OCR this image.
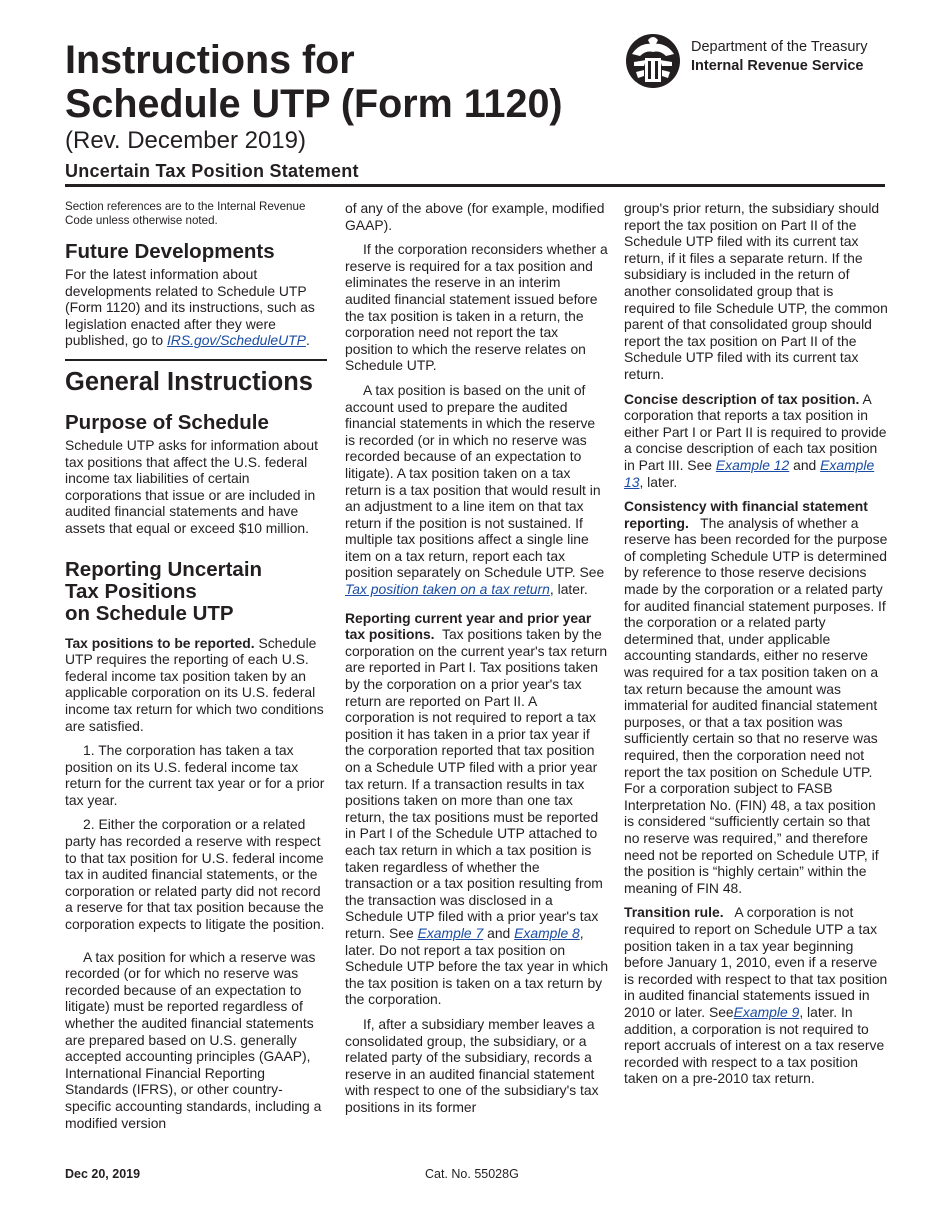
Instructions for
Schedule UTP (Form 1120)
(Rev. December 2019)
Uncertain Tax Position Statement
Department of the Treasury
Internal Revenue Service

Section references are to the Internal Revenue Code unless otherwise noted.

Future Developments

For the latest information about developments related to Schedule UTP (Form 1120) and its instructions, such as legislation enacted after they were published, go to IRS.gov/ScheduleUTP.

General Instructions
Purpose of Schedule

Schedule UTP asks for information about tax positions that affect the U.S. federal income tax liabilities of certain corporations that issue or are included in audited financial statements and have assets that equal or exceed $10 million.

Reporting Uncertain
Tax Positions
on Schedule UTP

Tax positions to be reported. Schedule UTP requires the reporting of each U.S. federal income tax position taken by an applicable corporation on its U.S. federal income tax return for which two conditions are satisfied.

1. The corporation has taken a tax position on its U.S. federal income tax return for the current tax year or for a prior tax year.

2. Either the corporation or a related party has recorded a reserve with respect to that tax position for U.S. federal income tax in audited financial statements, or the corporation or related party did not record a reserve for that tax position because the corporation expects to litigate the position.

A tax position for which a reserve was recorded (or for which no reserve was recorded because of an expectation to litigate) must be reported regardless of whether the audited financial statements are prepared based on U.S. generally accepted accounting principles (GAAP), International Financial Reporting Standards (IFRS), or other country-specific accounting standards, including a modified version

of any of the above (for example, modified GAAP).

If the corporation reconsiders whether a reserve is required for a tax position and eliminates the reserve in an interim audited financial statement issued before the tax position is taken in a return, the corporation need not report the tax position to which the reserve relates on Schedule UTP.

A tax position is based on the unit of account used to prepare the audited financial statements in which the reserve is recorded (or in which no reserve was recorded because of an expectation to litigate). A tax position taken on a tax return is a tax position that would result in an adjustment to a line item on that tax return if the position is not sustained. If multiple tax positions affect a single line item on a tax return, report each tax position separately on Schedule UTP. See Tax position taken on a tax return, later.

Reporting current year and prior year tax positions. Tax positions taken by the corporation on the current year's tax return are reported in Part I. Tax positions taken by the corporation on a prior year's tax return are reported on Part II. A corporation is not required to report a tax position it has taken in a prior tax year if the corporation reported that tax position on a Schedule UTP filed with a prior year tax return. If a transaction results in tax positions taken on more than one tax return, the tax positions must be reported in Part I of the Schedule UTP attached to each tax return in which a tax position is taken regardless of whether the transaction or a tax position resulting from the transaction was disclosed in a Schedule UTP filed with a prior year's tax return. See Example 7 and Example 8, later. Do not report a tax position on Schedule UTP before the tax year in which the tax position is taken on a tax return by the corporation.

If, after a subsidiary member leaves a consolidated group, the subsidiary, or a related party of the subsidiary, records a reserve in an audited financial statement with respect to one of the subsidiary's tax positions in its former

group's prior return, the subsidiary should report the tax position on Part II of the Schedule UTP filed with its current tax return, if it files a separate return. If the subsidiary is included in the return of another consolidated group that is required to file Schedule UTP, the common parent of that consolidated group should report the tax position on Part II of the Schedule UTP filed with its current tax return.

Concise description of tax position. A corporation that reports a tax position in either Part I or Part II is required to provide a concise description of each tax position in Part III. See Example 12 and Example 13, later.

Consistency with financial statement reporting. The analysis of whether a reserve has been recorded for the purpose of completing Schedule UTP is determined by reference to those reserve decisions made by the corporation or a related party for audited financial statement purposes. If the corporation or a related party determined that, under applicable accounting standards, either no reserve was required for a tax position taken on a tax return because the amount was immaterial for audited financial statement purposes, or that a tax position was sufficiently certain so that no reserve was required, then the corporation need not report the tax position on Schedule UTP. For a corporation subject to FASB Interpretation No. (FIN) 48, a tax position is considered “sufficiently certain so that no reserve was required,” and therefore need not be reported on Schedule UTP, if the position is “highly certain” within the meaning of FIN 48.

Transition rule. A corporation is not required to report on Schedule UTP a tax position taken in a tax year beginning before January 1, 2010, even if a reserve is recorded with respect to that tax position in audited financial statements issued in 2010 or later. SeeExample 9, later. In addition, a corporation is not required to report accruals of interest on a tax reserve recorded with respect to a tax position taken on a pre-2010 tax return.

Dec 20, 2019	Cat. No. 55028G
